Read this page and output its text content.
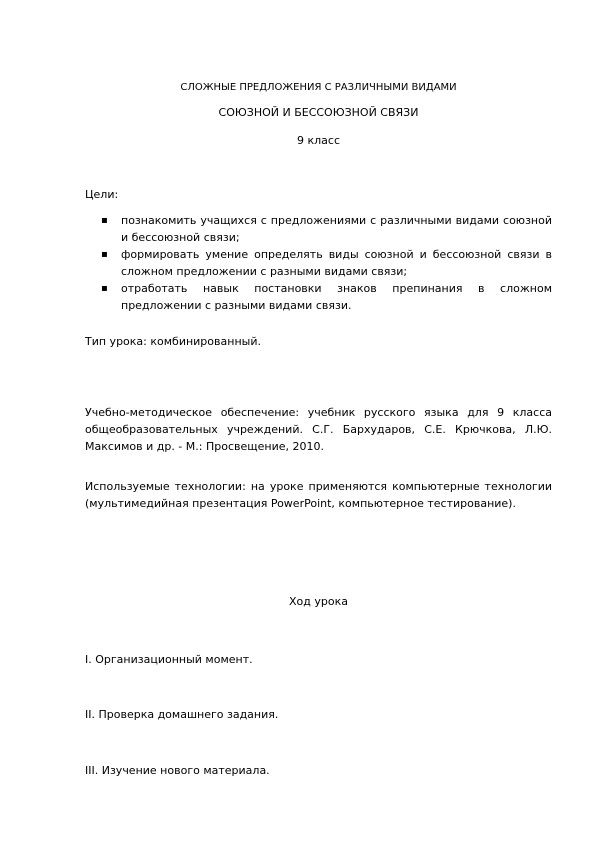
СЛОЖНЫЕ ПРЕДЛОЖЕНИЯ С РАЗЛИЧНЫМИ ВИДАМИ
СОЮЗНОЙ И БЕССОЮЗНОЙ СВЯЗИ
9 класс
Цели:
▪ познакомить учащихся с предложениями с различными видами союзной и бессоюзной связи;
▪ формировать умение определять виды союзной и бессоюзной связи в сложном предложении с разными видами связи;
▪ отработать навык постановки знаков препинания в сложном предложении с разными видами связи.
Тип урока: комбинированный.
Учебно-методическое обеспечение: учебник русского языка для 9 класса общеобразовательных учреждений. С.Г. Бархударов, С.Е. Крючкова, Л.Ю. Максимов и др. - М.: Просвещение, 2010.
Используемые технологии: на уроке применяются компьютерные технологии (мультимедийная презентация PowerPoint, компьютерное тестирование).
Ход урока
I. Организационный момент.
II. Проверка домашнего задания.
III. Изучение нового материала.
